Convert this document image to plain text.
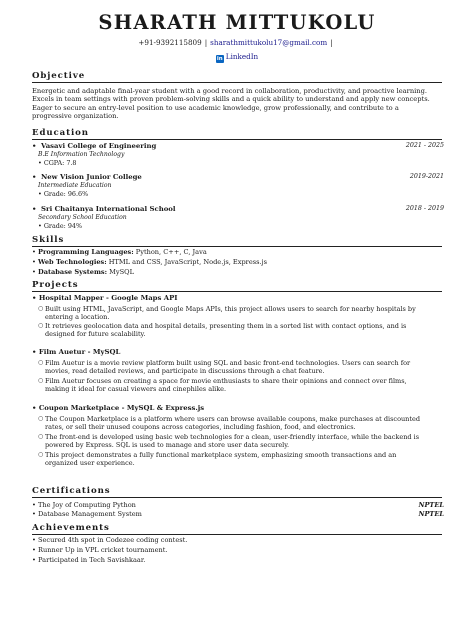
SHARATH MITTUKOLU
+91-9392115809 | sharathmittukolu17@gmail.com |
in LinkedIn
Objective
Energetic and adaptable final-year student with a good record in collaboration, productivity, and proactive learning.
Excels in team settings with proven problem-solving skills and a quick ability to understand and apply new concepts.
Eager to secure an entry-level position to use academic knowledge, grow professionally, and contribute to a
progressive organization.
Education
• Vasavi College of Engineering	2021 - 2025
B.E Information Technology
• CGPA: 7.8
• New Vision Junior College	2019-2021
Intermediate Education
• Grade: 96.6%
• Sri Chaitanya International School	2018 - 2019
Secondary School Education
• Grade: 94%
Skills
• Programming Languages: Python, C++, C, Java
• Web Technologies: HTML and CSS, JavaScript, Node.js, Express.js
• Database Systems: MySQL
Projects
• Hospital Mapper - Google Maps API
○ Built using HTML, JavaScript, and Google Maps APIs, this project allows users to search for nearby hospitals by
entering a location.
○ It retrieves geolocation data and hospital details, presenting them in a sorted list with contact options, and is
designed for future scalability.
• Film Auetur - MySQL
○ Film Auetur is a movie review platform built using SQL and basic front-end technologies. Users can search for
movies, read detailed reviews, and participate in discussions through a chat feature.
○ Film Auetur focuses on creating a space for movie enthusiasts to share their opinions and connect over films,
making it ideal for casual viewers and cinephiles alike.
• Coupon Marketplace - MySQL & Express.js
○ The Coupon Marketplace is a platform where users can browse available coupons, make purchases at discounted
rates, or sell their unused coupons across categories, including fashion, food, and electronics.
○ The front-end is developed using basic web technologies for a clean, user-friendly interface, while the backend is
powered by Express. SQL is used to manage and store user data securely.
○ This project demonstrates a fully functional marketplace system, emphasizing smooth transactions and an
organized user experience.
Certifications
• The Joy of Computing Python	NPTEL
• Database Management System	NPTEL
Achievements
• Secured 4th spot in Codezee coding contest.
• Runner Up in VPL cricket tournament.
• Participated in Tech Savishkaar.
